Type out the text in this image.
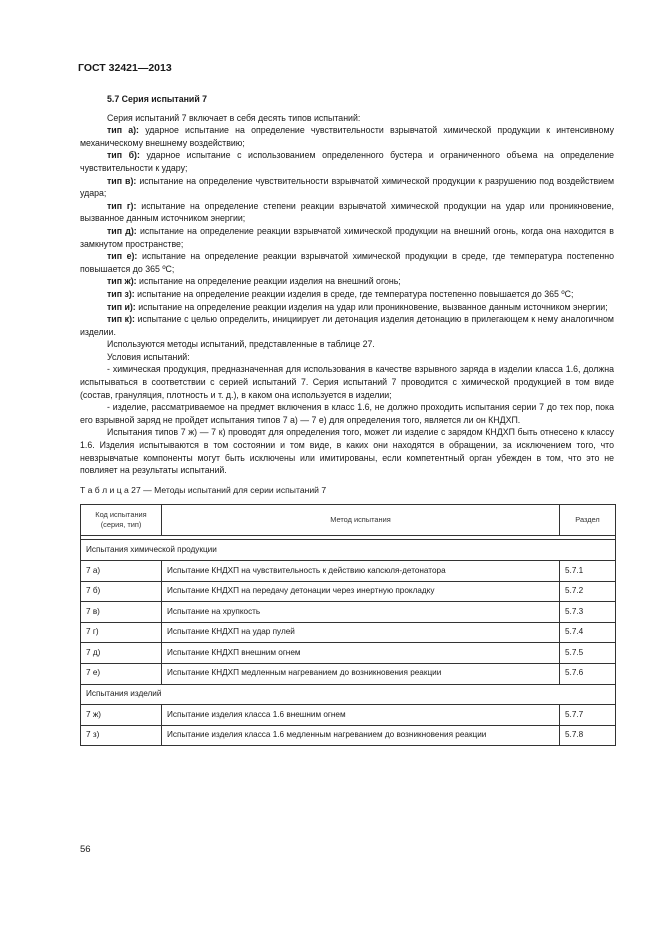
ГОСТ 32421—2013
5.7 Серия испытаний 7

Серия испытаний 7 включает в себя десять типов испытаний:

тип а): ударное испытание на определение чувствительности взрывчатой химической продукции к интенсивному механическому внешнему воздействию;

тип б): ударное испытание с использованием определенного бустера и ограниченного объема на определение чувствительности к удару;

тип в): испытание на определение чувствительности взрывчатой химической продукции к разрушению под воздействием удара;

тип г): испытание на определение степени реакции взрывчатой химической продукции на удар или проникновение, вызванное данным источником энергии;

тип д): испытание на определение реакции взрывчатой химической продукции на внешний огонь, когда она находится в замкнутом пространстве;

тип е): испытание на определение реакции взрывчатой химической продукции в среде, где температура постепенно повышается до 365 ºС;

тип ж): испытание на определение реакции изделия на внешний огонь;

тип з): испытание на определение реакции изделия в среде, где температура постепенно повышается до 365 ºС;

тип и): испытание на определение реакции изделия на удар или проникновение, вызванное данным источником энергии;

тип к): испытание с целью определить, инициирует ли детонация изделия детонацию в прилегающем к нему аналогичном изделии.

Используются методы испытаний, представленные в таблице 27.

Условия испытаний:

- химическая продукция, предназначенная для использования в качестве взрывного заряда в изделии класса 1.6, должна испытываться в соответствии с серией испытаний 7. Серия испытаний 7 проводится с химической продукцией в том виде (состав, грануляция, плотность и т. д.), в каком она используется в изделии;

- изделие, рассматриваемое на предмет включения в класс 1.6, не должно проходить испытания серии 7 до тех пор, пока его взрывной заряд не пройдет испытания типов 7 а) — 7 е) для определения того, является ли он КНДХП.

Испытания типов 7 ж) — 7 к) проводят для определения того, может ли изделие с зарядом КНДХП быть отнесено к классу 1.6. Изделия испытываются в том состоянии и том виде, в каких они находятся в обращении, за исключением того, что невзрывчатые компоненты могут быть исключены или имитированы, если компетентный орган убежден в том, что это не повлияет на результаты испытаний.

Т а б л и ц а 27 — Методы испытаний для серии испытаний 7
Код испытания (серия, тип)	Метод испытания	Раздел

Испытания химической продукции		
7 а)	Испытание КНДХП на чувствительность к действию капсюля-детонатора	5.7.1
7 б)	Испытание КНДХП на передачу детонации через инертную прокладку	5.7.2
7 в)	Испытание на хрупкость	5.7.3
7 г)	Испытание КНДХП на удар пулей	5.7.4
7 д)	Испытание КНДХП внешним огнем	5.7.5
7 е)	Испытание КНДХП медленным нагреванием до возникновения реакции	5.7.6
Испытания изделий		
7 ж)	Испытание изделия класса 1.6 внешним огнем	5.7.7
7 з)	Испытание изделия класса 1.6 медленным нагреванием до возникновения реакции	5.7.8
56
